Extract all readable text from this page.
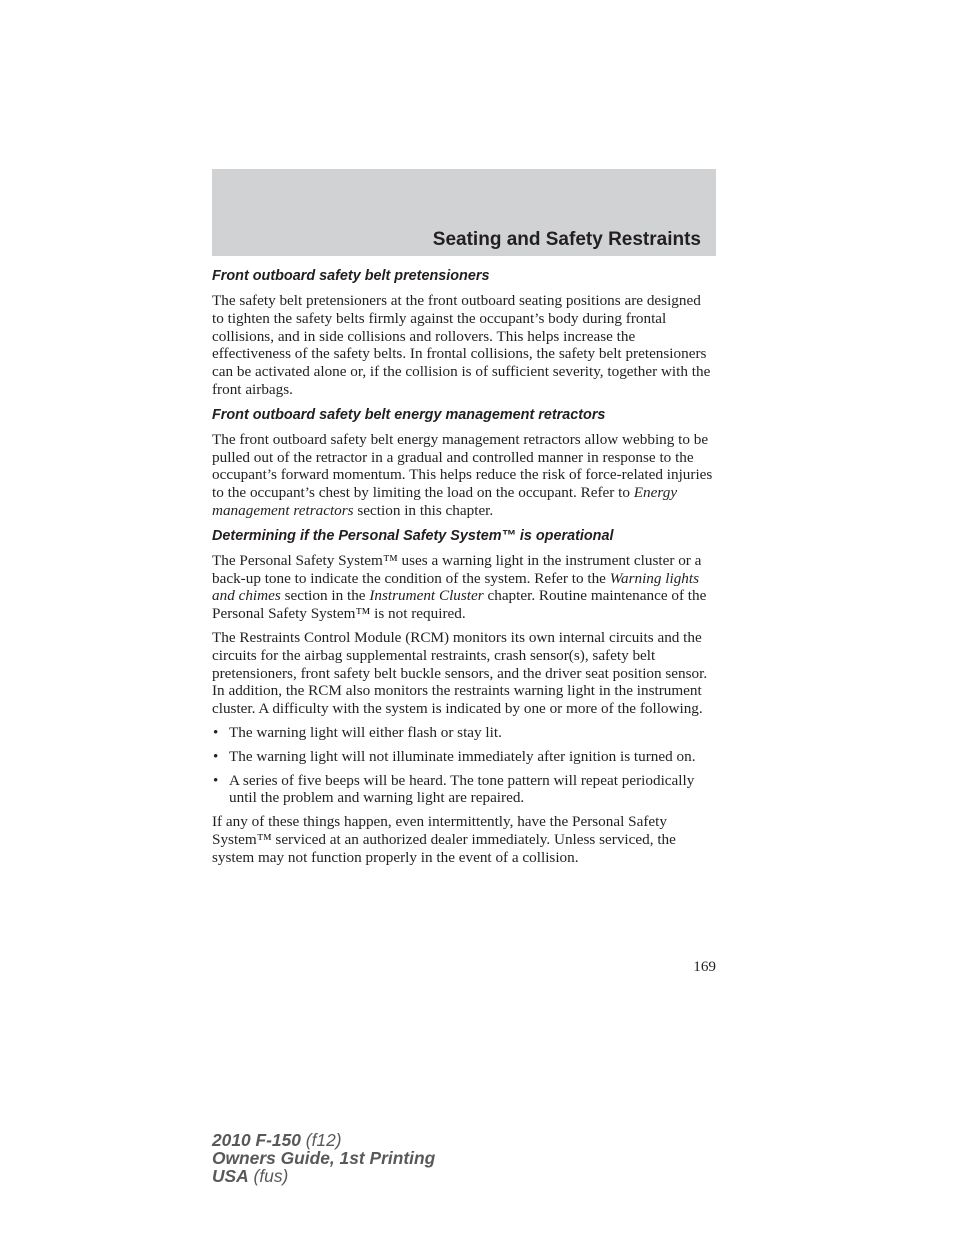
Seating and Safety Restraints
Front outboard safety belt pretensioners

The safety belt pretensioners at the front outboard seating positions are designed to tighten the safety belts firmly against the occupant’s body during frontal collisions, and in side collisions and rollovers. This helps increase the effectiveness of the safety belts. In frontal collisions, the safety belt pretensioners can be activated alone or, if the collision is of sufficient severity, together with the front airbags.

Front outboard safety belt energy management retractors

The front outboard safety belt energy management retractors allow webbing to be pulled out of the retractor in a gradual and controlled manner in response to the occupant’s forward momentum. This helps reduce the risk of force-related injuries to the occupant’s chest by limiting the load on the occupant. Refer to Energy management retractors section in this chapter.

Determining if the Personal Safety System™ is operational

The Personal Safety System™ uses a warning light in the instrument cluster or a back-up tone to indicate the condition of the system. Refer to the Warning lights and chimes section in the Instrument Cluster chapter. Routine maintenance of the Personal Safety System™ is not required.

The Restraints Control Module (RCM) monitors its own internal circuits and the circuits for the airbag supplemental restraints, crash sensor(s), safety belt pretensioners, front safety belt buckle sensors, and the driver seat position sensor. In addition, the RCM also monitors the restraints warning light in the instrument cluster. A difficulty with the system is indicated by one or more of the following.

• The warning light will either flash or stay lit.
• The warning light will not illuminate immediately after ignition is turned on.
• A series of five beeps will be heard. The tone pattern will repeat periodically until the problem and warning light are repaired.

If any of these things happen, even intermittently, have the Personal Safety System™ serviced at an authorized dealer immediately. Unless serviced, the system may not function properly in the event of a collision.

169
2010 F-150 (f12)
Owners Guide, 1st Printing
USA (fus)
